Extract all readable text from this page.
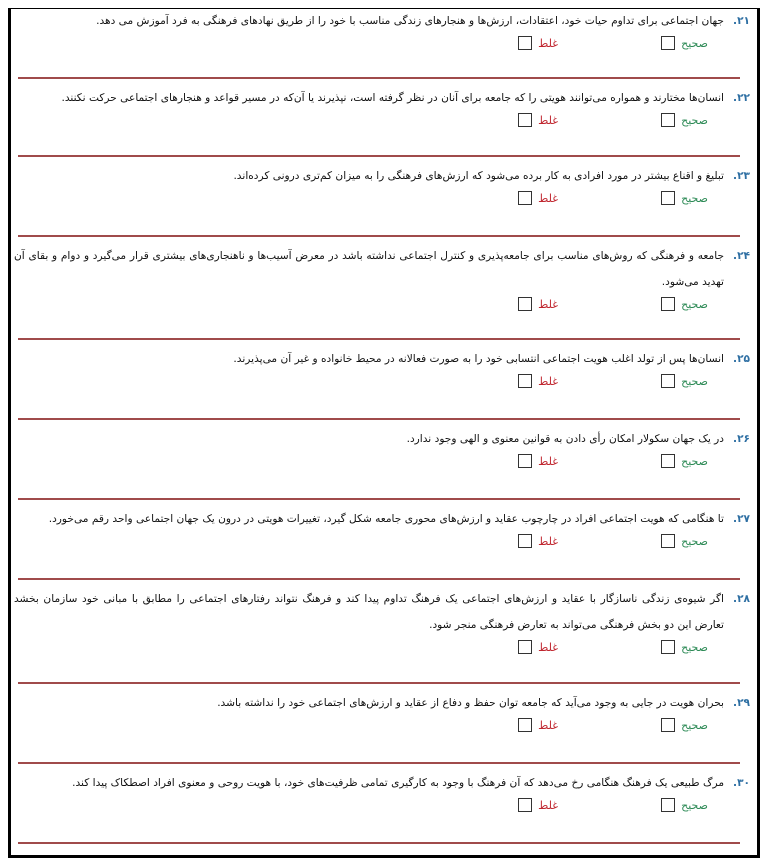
۲۱.
جهان اجتماعی برای تداوم حیات خود، اعتقادات، ارزش‌ها و هنجارهای زندگی مناسب با خود را از طریق نهادهای فرهنگی به فرد آموزش می دهد.
صحیح
غلط
۲۲.
انسان‌ها مختارند و همواره می‌توانند هویتی را که جامعه برای آنان در نظر گرفته است، نپذیرند یا آن‌که در مسیر قواعد و هنجارهای اجتماعی حرکت نکنند.
صحیح
غلط
۲۳.
تبلیغ و اقناع بیشتر در مورد افرادی به کار برده می‌شود که ارزش‌های فرهنگی را به میزان کم‌تری درونی کرده‌اند.
صحیح
غلط
۲۴.
جامعه و فرهنگی که روش‌های مناسب برای جامعه‌پذیری و کنترل اجتماعی نداشته باشد در معرض آسیب‌ها و ناهنجاری‌های بیشتری قرار می‌گیرد و دوام و بقای آن تهدید می‌شود.
صحیح
غلط
۲۵.
انسان‌ها پس از تولد اغلب هویت اجتماعی انتسابی خود را به صورت فعالانه در محیط خانواده و غیر آن می‌پذیرند.
صحیح
غلط
۲۶.
در یک جهان سکولار امکان رأی دادن به قوانین معنوی و الهی وجود ندارد.
صحیح
غلط
۲۷.
تا هنگامی که هویت اجتماعی افراد در چارچوب عقاید و ارزش‌های محوری جامعه شکل گیرد، تغییرات هویتی در درون یک جهان اجتماعی واحد رقم می‌خورد.
صحیح
غلط
۲۸.
اگر شیوه‌ی زندگی ناسازگار با عقاید و ارزش‌های اجتماعی یک فرهنگ تداوم پیدا کند و فرهنگ نتواند رفتارهای اجتماعی را مطابق با مبانی خود سازمان بخشد تعارض این دو بخش فرهنگی می‌تواند به تعارض فرهنگی منجر شود.
صحیح
غلط
۲۹.
بحران هویت در جایی به وجود می‌آید که جامعه توان حفظ و دفاع از عقاید و ارزش‌های اجتماعی خود را نداشته باشد.
صحیح
غلط
۳۰.
مرگ طبیعی یک فرهنگ هنگامی رخ می‌دهد که آن فرهنگ با وجود به کارگیری تمامی ظرفیت‌های خود، با هویت روحی و معنوی افراد اصطکاک پیدا کند.
صحیح
غلط
